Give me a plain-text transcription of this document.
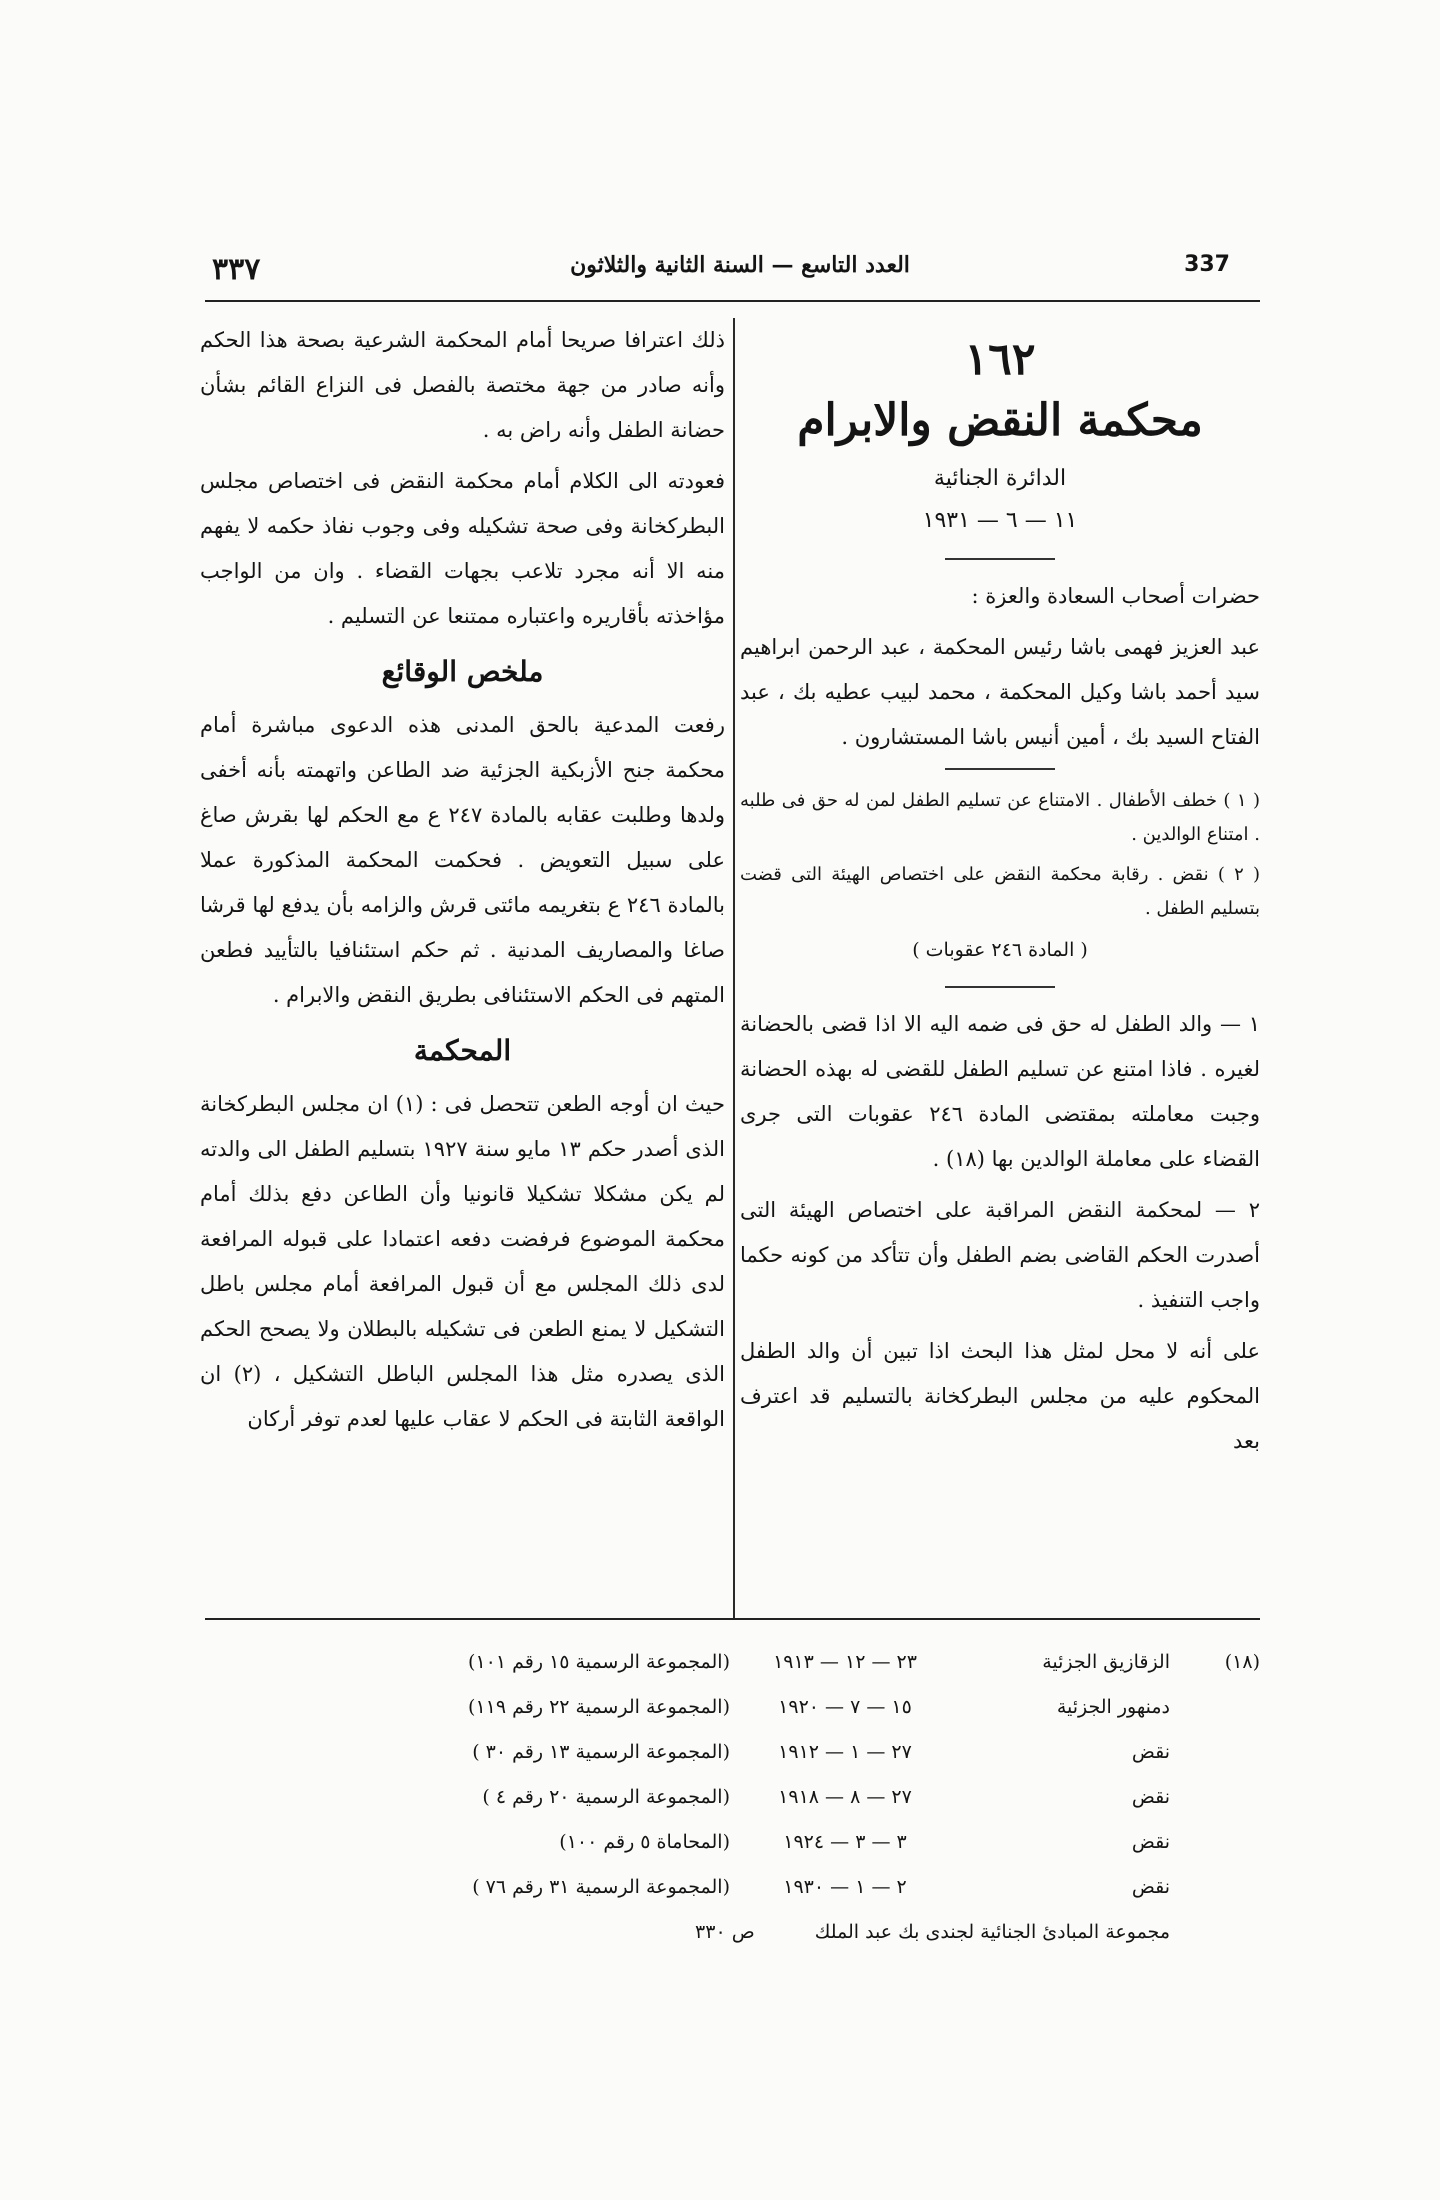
٣٣٧	العدد التاسع — السنة الثانية والثلاثون	337
١٦٢
محكمة النقض والابرام
الدائرة الجنائية
١١ — ٦ — ١٩٣١

حضرات أصحاب السعادة والعزة :

عبد العزيز فهمى باشا رئيس المحكمة ، عبد الرحمن ابراهيم سيد أحمد باشا وكيل المحكمة ، محمد لبيب عطيه بك ، عبد الفتاح السيد بك ، أمين أنيس باشا المستشارون .

( ١ ) خطف الأطفال . الامتناع عن تسليم الطفل لمن له حق فى طلبه . امتناع الوالدين .

( ٢ ) نقض . رقابة محكمة النقض على اختصاص الهيئة التى قضت بتسليم الطفل .

( المادة ٢٤٦ عقوبات )

١ — والد الطفل له حق فى ضمه اليه الا اذا قضى بالحضانة لغيره . فاذا امتنع عن تسليم الطفل للقضى له بهذه الحضانة وجبت معاملته بمقتضى المادة ٢٤٦ عقوبات التى جرى القضاء على معاملة الوالدين بها (١٨) .

٢ — لمحكمة النقض المراقبة على اختصاص الهيئة التى أصدرت الحكم القاضى بضم الطفل وأن تتأكد من كونه حكما واجب التنفيذ .

على أنه لا محل لمثل هذا البحث اذا تبين أن والد الطفل المحكوم عليه من مجلس البطركخانة بالتسليم قد اعترف بعد

ذلك اعترافا صريحا أمام المحكمة الشرعية بصحة هذا الحكم وأنه صادر من جهة مختصة بالفصل فى النزاع القائم بشأن حضانة الطفل وأنه راض به .

فعودته الى الكلام أمام محكمة النقض فى اختصاص مجلس البطركخانة وفى صحة تشكيله وفى وجوب نفاذ حكمه لا يفهم منه الا أنه مجرد تلاعب بجهات القضاء . وان من الواجب مؤاخذته بأقاريره واعتباره ممتنعا عن التسليم .

ملخص الوقائع

رفعت المدعية بالحق المدنى هذه الدعوى مباشرة أمام محكمة جنح الأزبكية الجزئية ضد الطاعن واتهمته بأنه أخفى ولدها وطلبت عقابه بالمادة ٢٤٧ ع مع الحكم لها بقرش صاغ على سبيل التعويض . فحكمت المحكمة المذكورة عملا بالمادة ٢٤٦ ع بتغريمه مائتى قرش والزامه بأن يدفع لها قرشا صاغا والمصاريف المدنية . ثم حكم استئنافيا بالتأييد فطعن المتهم فى الحكم الاستئنافى بطريق النقض والابرام .

المحكمة

حيث ان أوجه الطعن تتحصل فى : (١) ان مجلس البطركخانة الذى أصدر حكم ١٣ مايو سنة ١٩٢٧ بتسليم الطفل الى والدته لم يكن مشكلا تشكيلا قانونيا وأن الطاعن دفع بذلك أمام محكمة الموضوع فرفضت دفعه اعتمادا على قبوله المرافعة لدى ذلك المجلس مع أن قبول المرافعة أمام مجلس باطل التشكيل لا يمنع الطعن فى تشكيله بالبطلان ولا يصحح الحكم الذى يصدره مثل هذا المجلس الباطل التشكيل ، (٢) ان الواقعة الثابتة فى الحكم لا عقاب عليها لعدم توفر أركان

(١٨)
الزقازيق الجزئية
٢٣ — ١٢ — ١٩١٣
(المجموعة الرسمية ١٥ رقم ١٠١)
دمنهور الجزئية
١٥ — ٧ — ١٩٢٠
(المجموعة الرسمية ٢٢ رقم ١١٩)
نقض
٢٧ — ١ — ١٩١٢
(المجموعة الرسمية ١٣ رقم ٣٠ )
نقض
٢٧ — ٨ — ١٩١٨
(المجموعة الرسمية ٢٠ رقم ٤ )
نقض
٣ — ٣ — ١٩٢٤
(المحاماة ٥ رقم ١٠٠)
نقض
٢ — ١ — ١٩٣٠
(المجموعة الرسمية ٣١ رقم ٧٦ )
مجموعة المبادئ الجنائية لجندى بك عبد الملك
ص ٣٣٠
